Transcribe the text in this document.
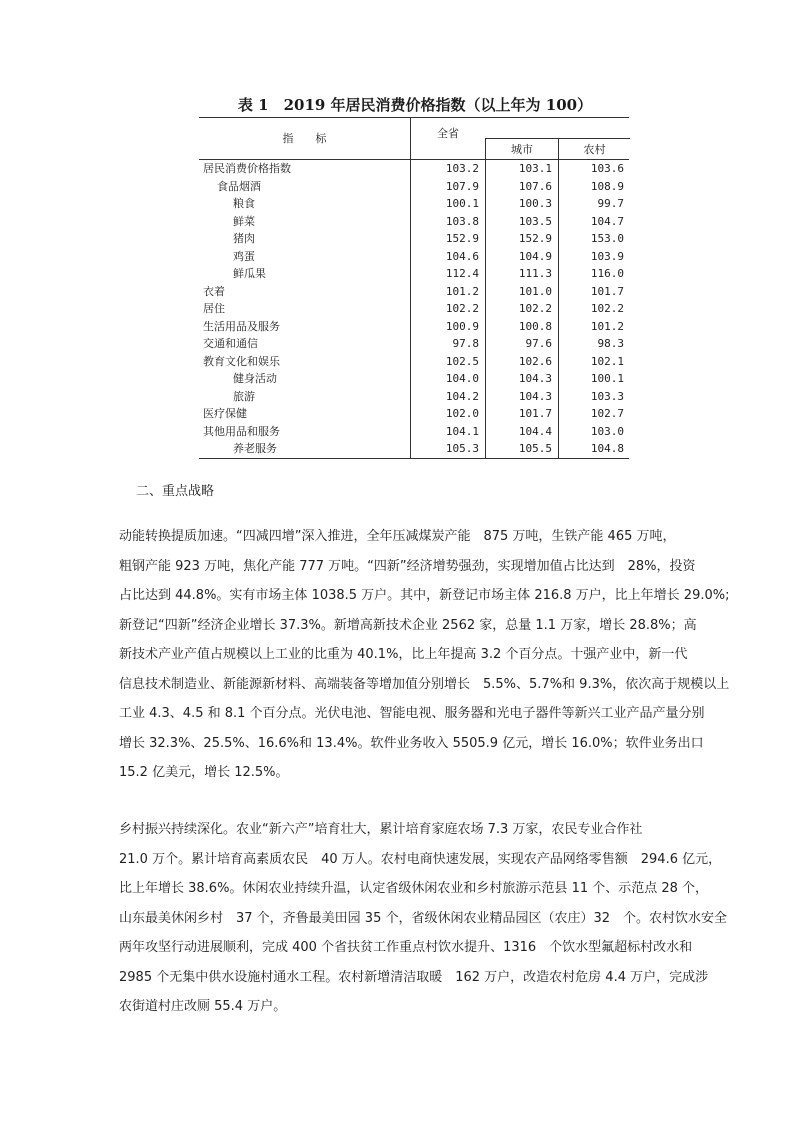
表 1　2019 年居民消费价格指数（以上年为 100）
指　　标	全省
城市	农村
居民消费价格指数	103.2	103.1	103.6
食品烟酒	107.9	107.6	108.9
粮食	100.1	100.3	99.7
鲜菜	103.8	103.5	104.7
猪肉	152.9	152.9	153.0
鸡蛋	104.6	104.9	103.9
鲜瓜果	112.4	111.3	116.0
衣着	101.2	101.0	101.7
居住	102.2	102.2	102.2
生活用品及服务	100.9	100.8	101.2
交通和通信	97.8	97.6	98.3
教育文化和娱乐	102.5	102.6	102.1
健身活动	104.0	104.3	100.1
旅游	104.2	104.3	103.3
医疗保健	102.0	101.7	102.7
其他用品和服务	104.1	104.4	103.0
养老服务	105.3	105.5	104.8
二、重点战略
动能转换提质加速。“四减四增”深入推进，全年压减煤炭产能　875 万吨，生铁产能 465 万吨，
粗钢产能 923 万吨，焦化产能 777 万吨。“四新”经济增势强劲，实现增加值占比达到　28%，投资
占比达到 44.8%。实有市场主体 1038.5 万户。其中，新登记市场主体 216.8 万户，比上年增长 29.0%;
新登记“四新”经济企业增长 37.3%。新增高新技术企业 2562 家，总量 1.1 万家，增长 28.8%；高
新技术产业产值占规模以上工业的比重为 40.1%，比上年提高 3.2 个百分点。十强产业中，新一代
信息技术制造业、新能源新材料、高端装备等增加值分别增长　5.5%、5.7%和 9.3%，依次高于规模以上
工业 4.3、4.5 和 8.1 个百分点。光伏电池、智能电视、服务器和光电子器件等新兴工业产品产量分别
增长 32.3%、25.5%、16.6%和 13.4%。软件业务收入 5505.9 亿元，增长 16.0%；软件业务出口
15.2 亿美元，增长 12.5%。
乡村振兴持续深化。农业“新六产”培育壮大，累计培育家庭农场 7.3 万家，农民专业合作社
21.0 万个。累计培育高素质农民　40 万人。农村电商快速发展，实现农产品网络零售额　294.6 亿元，
比上年增长 38.6%。休闲农业持续升温，认定省级休闲农业和乡村旅游示范县 11 个、示范点 28 个，
山东最美休闲乡村　37 个，齐鲁最美田园 35 个，省级休闲农业精品园区（农庄）32　个。农村饮水安全
两年攻坚行动进展顺利，完成 400 个省扶贫工作重点村饮水提升、1316　个饮水型氟超标村改水和
2985 个无集中供水设施村通水工程。农村新增清洁取暖　162 万户，改造农村危房 4.4 万户，完成涉
农街道村庄改厕 55.4 万户。
